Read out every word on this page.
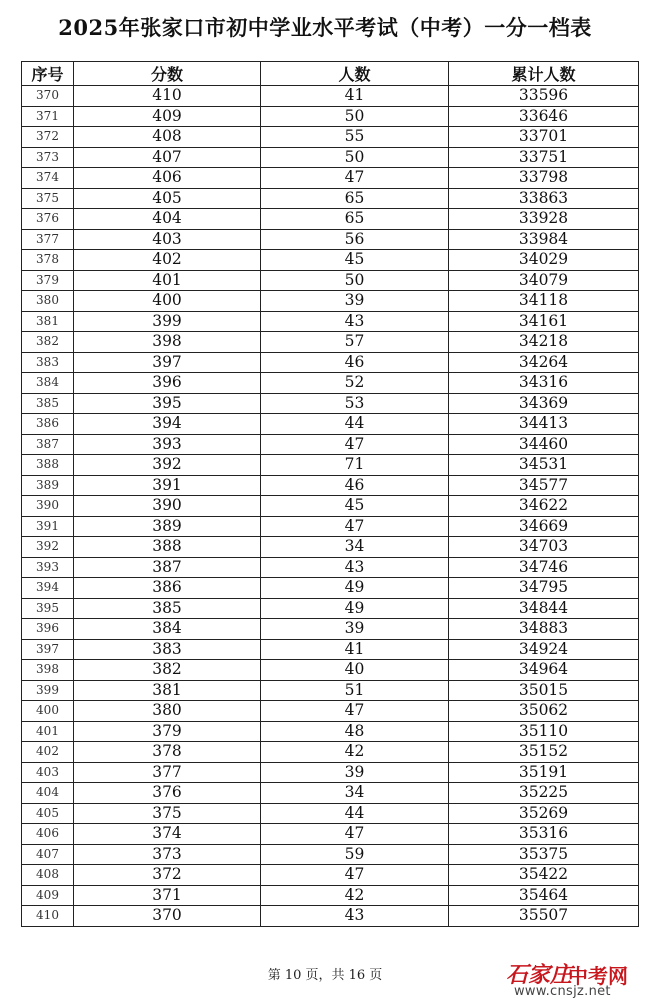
2025年张家口市初中学业水平考试（中考）一分一档表
序号	分数	人数	累计人数
370	410	41	33596
371	409	50	33646
372	408	55	33701
373	407	50	33751
374	406	47	33798
375	405	65	33863
376	404	65	33928
377	403	56	33984
378	402	45	34029
379	401	50	34079
380	400	39	34118
381	399	43	34161
382	398	57	34218
383	397	46	34264
384	396	52	34316
385	395	53	34369
386	394	44	34413
387	393	47	34460
388	392	71	34531
389	391	46	34577
390	390	45	34622
391	389	47	34669
392	388	34	34703
393	387	43	34746
394	386	49	34795
395	385	49	34844
396	384	39	34883
397	383	41	34924
398	382	40	34964
399	381	51	35015
400	380	47	35062
401	379	48	35110
402	378	42	35152
403	377	39	35191
404	376	34	35225
405	375	44	35269
406	374	47	35316
407	373	59	35375
408	372	47	35422
409	371	42	35464
410	370	43	35507
第 10 页，共 16 页	石家庄
中考网
www.cnsjz.net
